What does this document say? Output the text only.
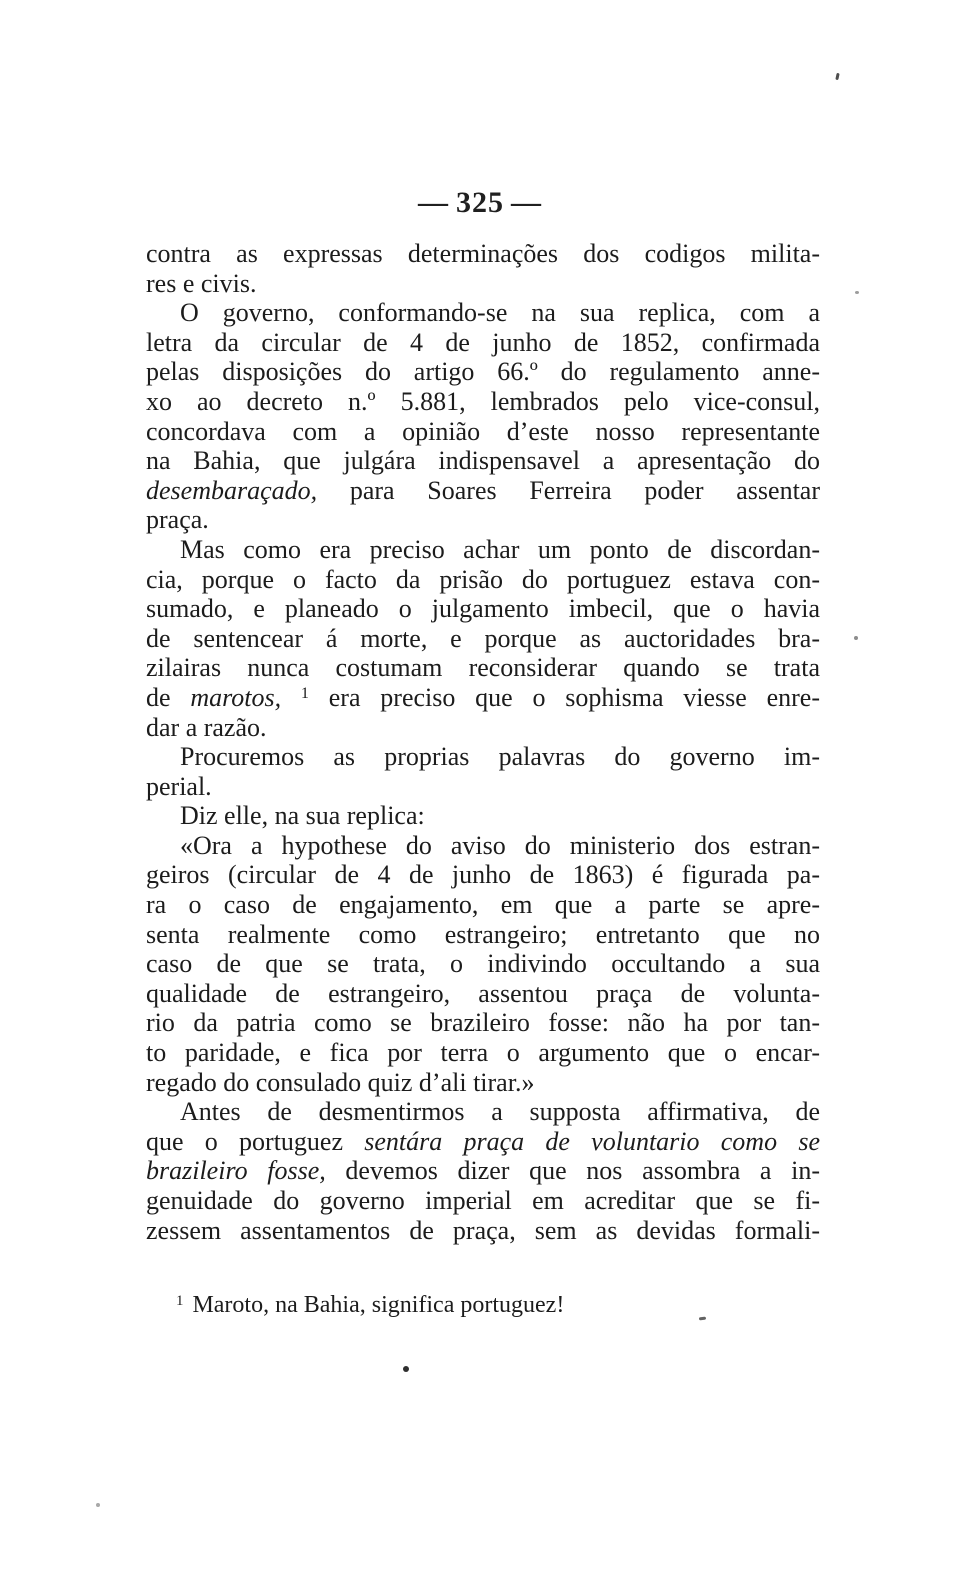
— 325 —
contra as expressas determinações dos codigos milita-
res e civis.
O governo, conformando-se na sua replica, com a
letra da circular de 4 de junho de 1852, confirmada
pelas disposições do artigo 66.º do regulamento anne-
xo ao decreto n.º 5.881, lembrados pelo vice-consul,
concordava com a opinião d’este nosso representante
na Bahia, que julgára indispensavel a apresentação do
desembaraçado, para Soares Ferreira poder assentar
praça.
Mas como era preciso achar um ponto de discordan-
cia, porque o facto da prisão do portuguez estava con-
sumado, e planeado o julgamento imbecil, que o havia
de sentencear á morte, e porque as auctoridades bra-
zilairas nunca costumam reconsiderar quando se trata
de marotos, $^1$ era preciso que o sophisma viesse enre-
dar a razão.
Procuremos as proprias palavras do governo im-
perial.
Diz elle, na sua replica:
«Ora a hypothese do aviso do ministerio dos estran-
geiros (circular de 4 de junho de 1863) é figurada pa-
ra o caso de engajamento, em que a parte se apre-
senta realmente como estrangeiro; entretanto que no
caso de que se trata, o indivindo occultando a sua
qualidade de estrangeiro, assentou praça de volunta-
rio da patria como se brazileiro fosse: não ha por tan-
to paridade, e fica por terra o argumento que o encar-
regado do consulado quiz d’ali tirar.»
Antes de desmentirmos a supposta affirmativa, de
que o portuguez sentára praça de voluntario como se
brazileiro fosse, devemos dizer que nos assombra a in-
genuidade do governo imperial em acreditar que se fi-
zessem assentamentos de praça, sem as devidas formali-
$^1$ Maroto, na Bahia, significa portuguez!
